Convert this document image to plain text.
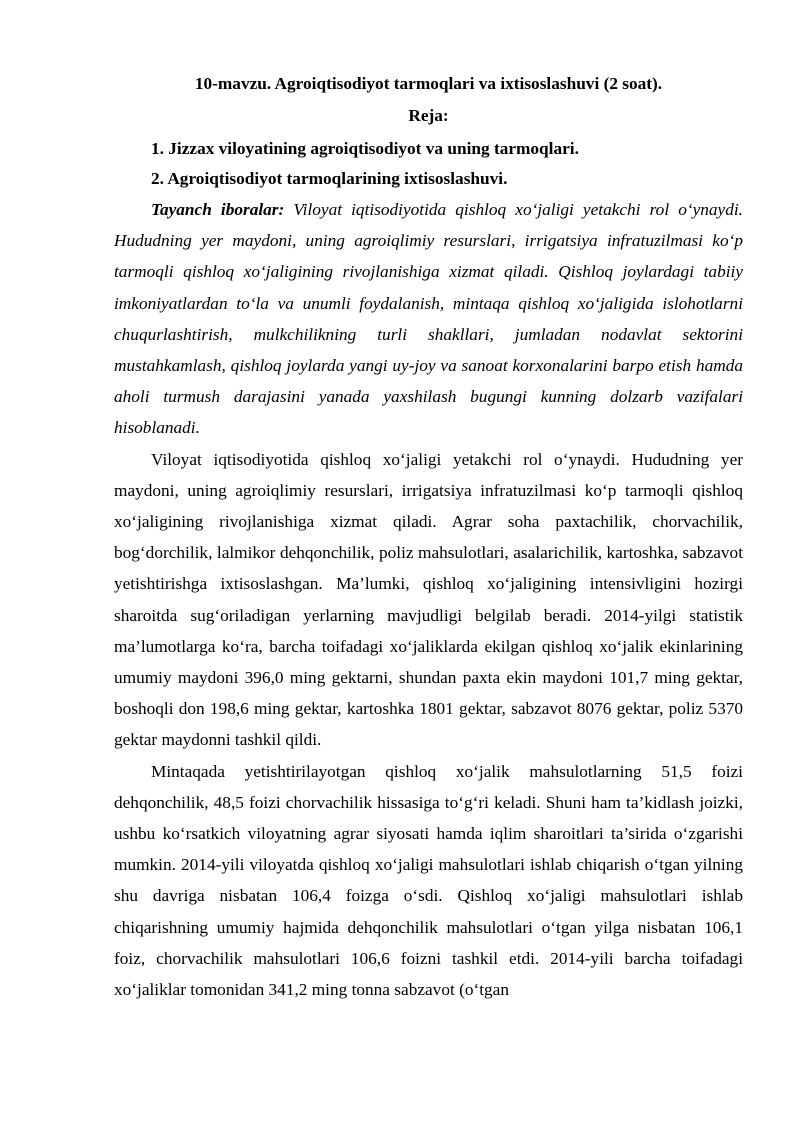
10-mavzu. Agroiqtisodiyot tarmoqlari va ixtisoslashuvi (2 soat).

Reja:

1. Jizzax viloyatining agroiqtisodiyot va uning tarmoqlari.

2. Agroiqtisodiyot tarmoqlarining ixtisoslashuvi.

Tayanch iboralar: Viloyat iqtisodiyotida qishloq xo‘jaligi yetakchi rol o‘ynaydi. Hududning yer maydoni, uning agroiqlimiy resurslari, irrigatsiya infratuzilmasi ko‘p tarmoqli qishloq xo‘jaligining rivojlanishiga xizmat qiladi. Qishloq joylardagi tabiiy imkoniyatlardan to‘la va unumli foydalanish, mintaqa qishloq xo‘jaligida islohotlarni chuqurlashtirish, mulkchilikning turli shakllari, jumladan nodavlat sektorini mustahkamlash, qishloq joylarda yangi uy-joy va sanoat korxonalarini barpo etish hamda aholi turmush darajasini yanada yaxshilash bugungi kunning dolzarb vazifalari hisoblanadi.

Viloyat iqtisodiyotida qishloq xo‘jaligi yetakchi rol o‘ynaydi. Hududning yer maydoni, uning agroiqlimiy resurslari, irrigatsiya infratuzilmasi ko‘p tarmoqli qishloq xo‘jaligining rivojlanishiga xizmat qiladi. Agrar soha paxtachilik, chorvachilik, bog‘dorchilik, lalmikor dehqonchilik, poliz mahsulotlari, asalarichilik, kartoshka, sabzavot yetishtirishga ixtisoslashgan. Ma’lumki, qishloq xo‘jaligining intensivligini hozirgi sharoitda sug‘oriladigan yerlarning mavjudligi belgilab beradi. 2014-yilgi statistik ma’lumotlarga ko‘ra, barcha toifadagi xo‘jaliklarda ekilgan qishloq xo‘jalik ekinlarining umumiy maydoni 396,0 ming gektarni, shundan paxta ekin maydoni 101,7 ming gektar, boshoqli don 198,6 ming gektar, kartoshka 1801 gektar, sabzavot 8076 gektar, poliz 5370 gektar maydonni tashkil qildi.

Mintaqada yetishtirilayotgan qishloq xo‘jalik mahsulotlarning 51,5 foizi dehqonchilik, 48,5 foizi chorvachilik hissasiga to‘g‘ri keladi. Shuni ham ta’kidlash joizki, ushbu ko‘rsatkich viloyatning agrar siyosati hamda iqlim sharoitlari ta’sirida o‘zgarishi mumkin. 2014-yili viloyatda qishloq xo‘jaligi mahsulotlari ishlab chiqarish o‘tgan yilning shu davriga nisbatan 106,4 foizga o‘sdi. Qishloq xo‘jaligi mahsulotlari ishlab chiqarishning umumiy hajmida dehqonchilik mahsulotlari o‘tgan yilga nisbatan 106,1 foiz, chorvachilik mahsulotlari 106,6 foizni tashkil etdi. 2014-yili barcha toifadagi xo‘jaliklar tomonidan 341,2 ming tonna sabzavot (o‘tgan
